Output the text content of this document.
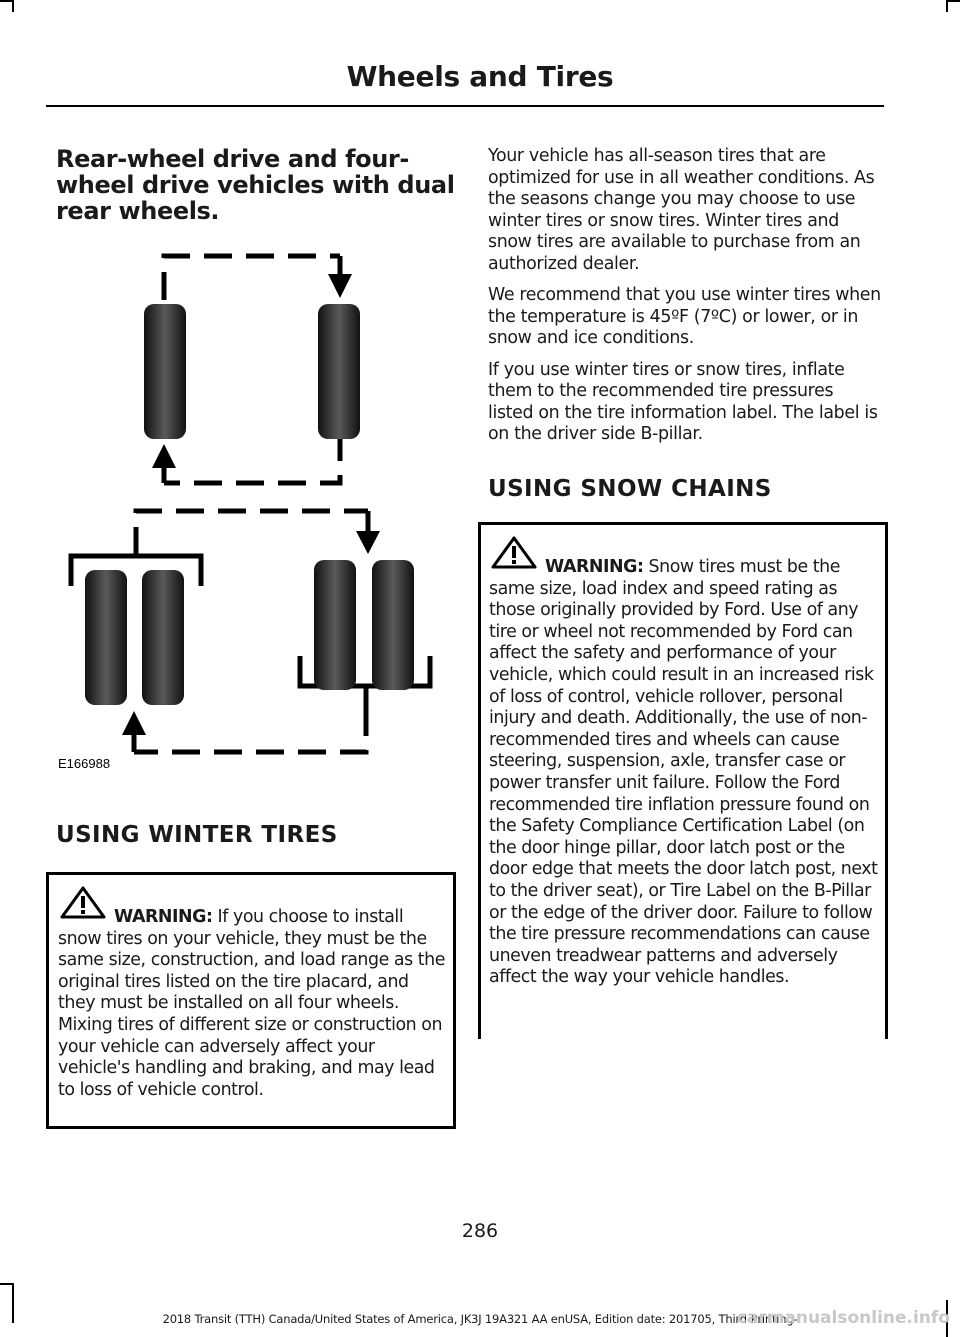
Wheels and Tires

Rear-wheel drive and four-wheel drive vehicles with dual rear wheels.

E166988

USING WINTER TIRES

WARNING: If you choose to install snow tires on your vehicle, they must be the same size, construction, and load range as the original tires listed on the tire placard, and they must be installed on all four wheels. Mixing tires of different size or construction on your vehicle can adversely affect your vehicle's handling and braking, and may lead to loss of vehicle control.

Your vehicle has all-season tires that are optimized for use in all weather conditions. As the seasons change you may choose to use winter tires or snow tires. Winter tires and snow tires are available to purchase from an authorized dealer.

We recommend that you use winter tires when the temperature is 45ºF (7ºC) or lower, or in snow and ice conditions.

If you use winter tires or snow tires, inflate them to the recommended tire pressures listed on the tire information label. The label is on the driver side B-pillar.

USING SNOW CHAINS

WARNING: Snow tires must be the same size, load index and speed rating as those originally provided by Ford. Use of any tire or wheel not recommended by Ford can affect the safety and performance of your vehicle, which could result in an increased risk of loss of control, vehicle rollover, personal injury and death. Additionally, the use of non-recommended tires and wheels can cause steering, suspension, axle, transfer case or power transfer unit failure. Follow the Ford recommended tire inflation pressure found on the Safety Compliance Certification Label (on the door hinge pillar, door latch post or the door edge that meets the door latch post, next to the driver seat), or Tire Label on the B-Pillar or the edge of the driver door. Failure to follow the tire pressure recommendations can cause uneven treadwear patterns and adversely affect the way your vehicle handles.
286
2018 Transit (TTH) Canada/United States of America, JK3J 19A321 AA enUSA, Edition date: 201705, Third-Printing-
carmanualsonline.info
